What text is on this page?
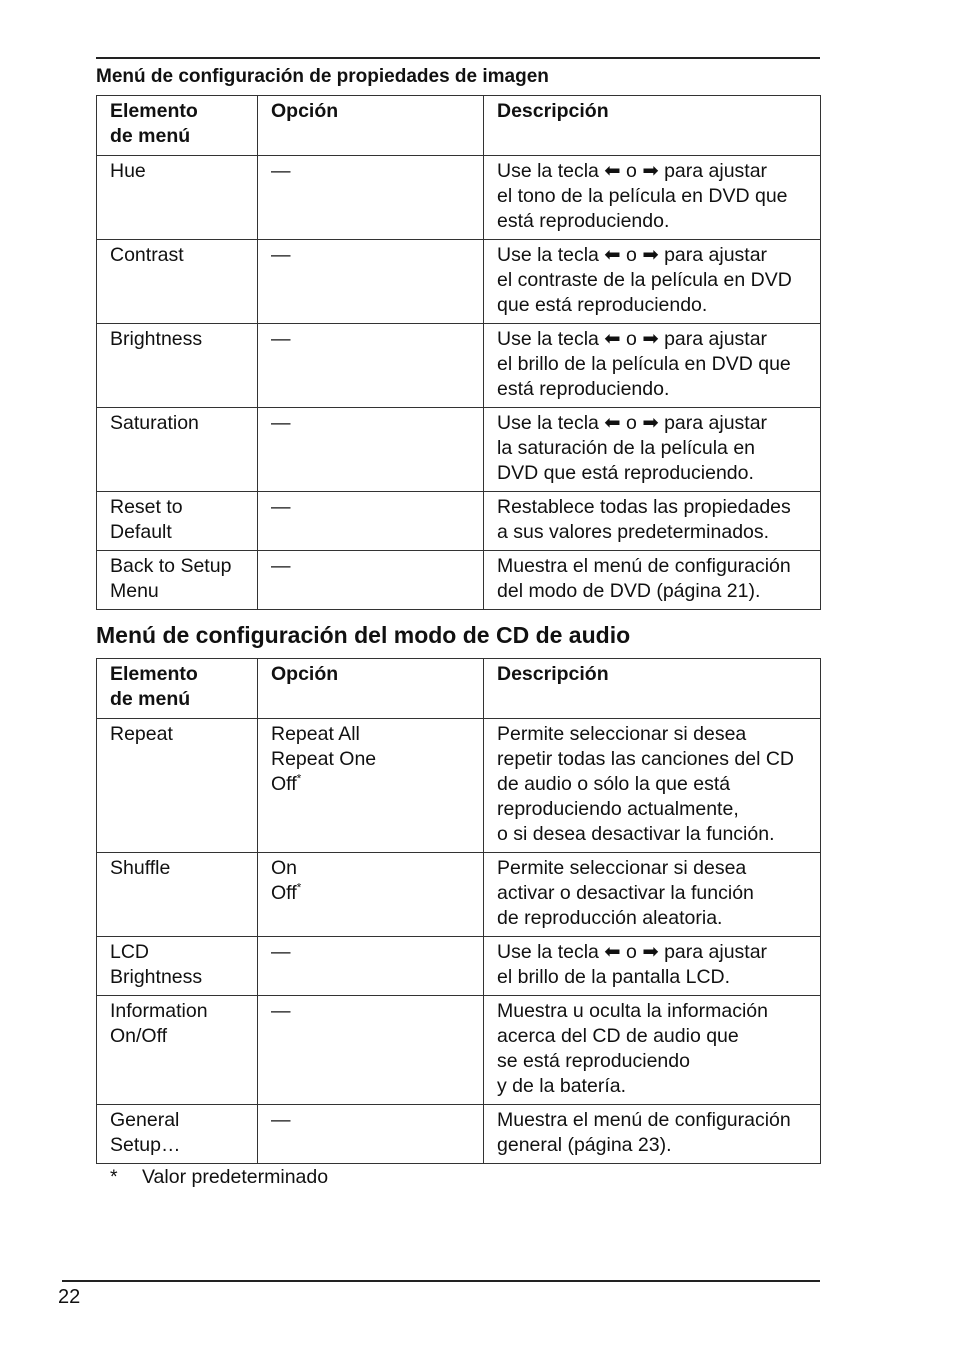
Menú de configuración de propiedades de imagen
Elemento
de menú	Opción	Descripción

Hue	—	Use la tecla ⬅ o ➡ para ajustar
el tono de la película en DVD que
está reproduciendo.

Contrast	—	Use la tecla ⬅ o ➡ para ajustar
el contraste de la película en DVD
que está reproduciendo.

Brightness	—	Use la tecla ⬅ o ➡ para ajustar
el brillo de la película en DVD que
está reproduciendo.

Saturation	—	Use la tecla ⬅ o ➡ para ajustar
la saturación de la película en
DVD que está reproduciendo.

Reset to
Default	—	Restablece todas las propiedades
a sus valores predeterminados.

Back to Setup
Menu	—	Muestra el menú de configuración
del modo de DVD (página 21).
Menú de configuración del modo de CD de audio
Elemento
de menú	Opción	Descripción

Repeat	Repeat All
Repeat One
Off*	Permite seleccionar si desea
repetir todas las canciones del CD
de audio o sólo la que está
reproduciendo actualmente,
o si desea desactivar la función.

Shuffle	On
Off*	Permite seleccionar si desea
activar o desactivar la función
de reproducción aleatoria.

LCD
Brightness	—	Use la tecla ⬅ o ➡ para ajustar
el brillo de la pantalla LCD.

Information
On/Off	—	Muestra u oculta la información
acerca del CD de audio que
se está reproduciendo
y de la batería.

General
Setup…	—	Muestra el menú de configuración
general (página 23).
* Valor predeterminado
22
